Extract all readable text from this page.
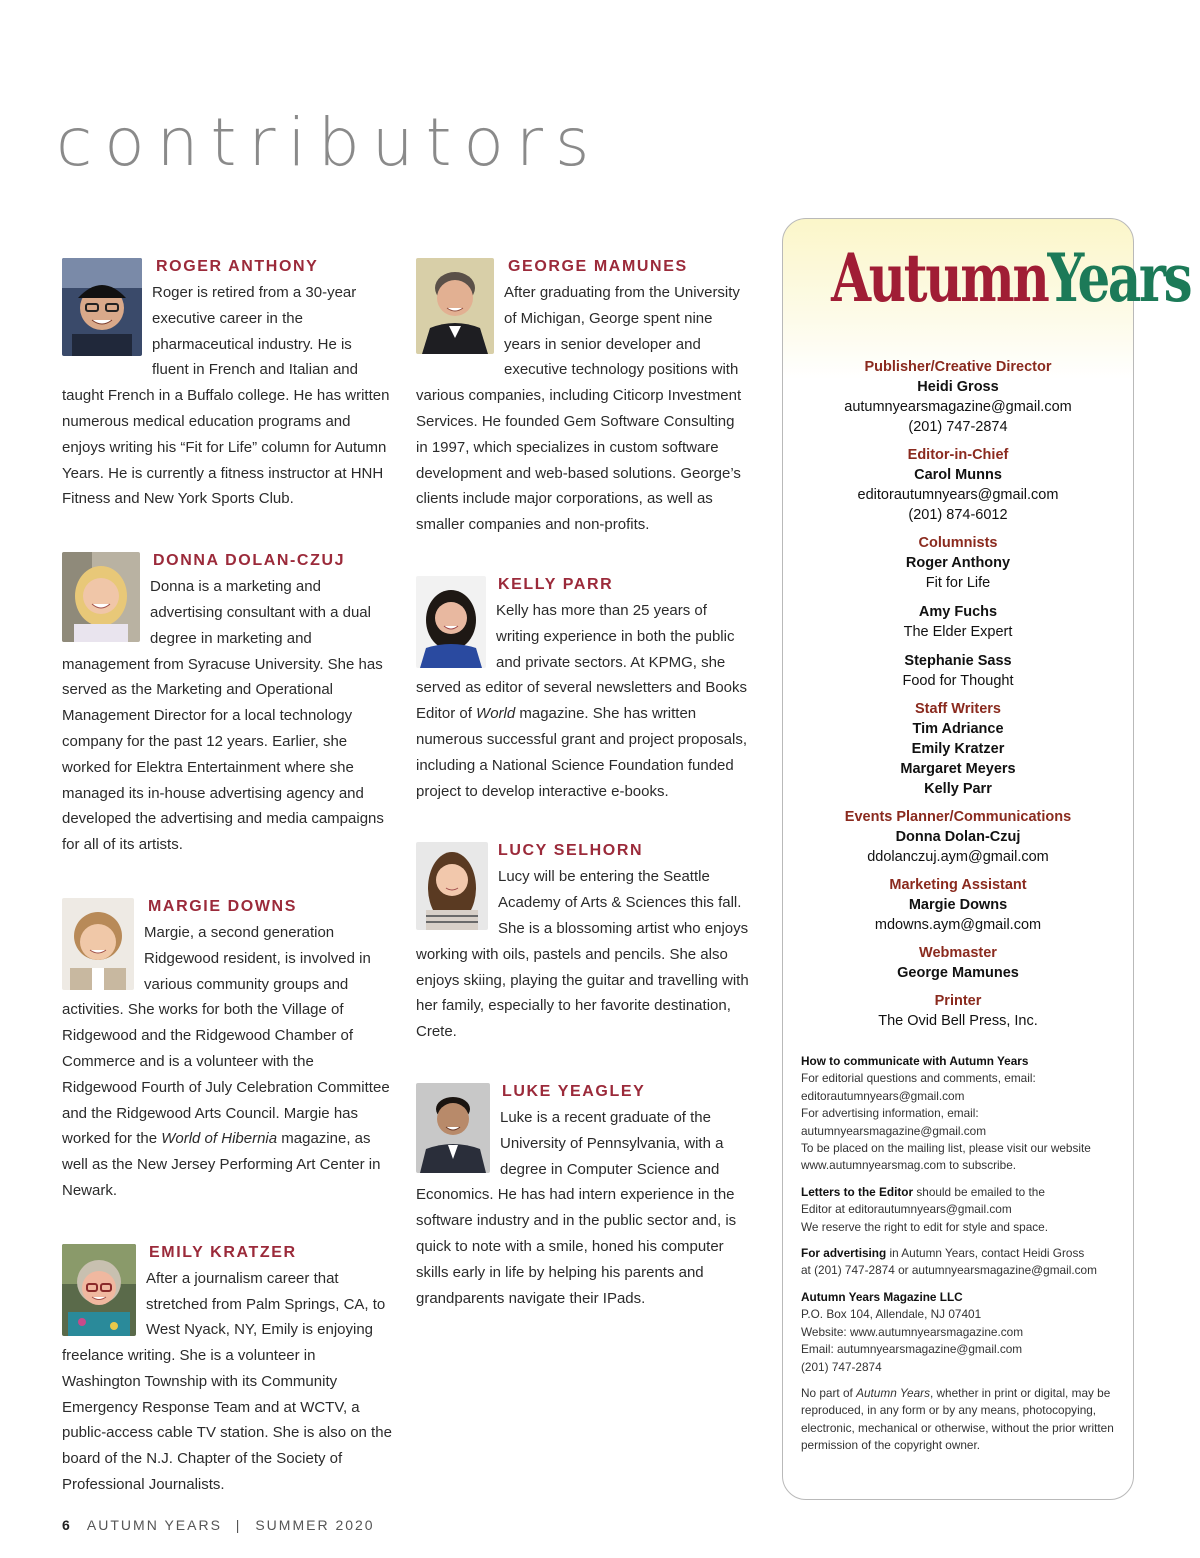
contributors
ROGER ANTHONY

Roger is retired from a 30-year executive career in the pharmaceutical industry. He is fluent in French and Italian and taught French in a Buffalo college. He has written numerous medical education programs and enjoys writing his “Fit for Life” column for Autumn Years. He is currently a fitness instructor at HNH Fitness and New York Sports Club.

DONNA DOLAN-CZUJ

Donna is a marketing and advertising consultant with a dual degree in marketing and management from Syracuse University. She has served as the Marketing and Operational Management Director for a local technology company for the past 12 years. Earlier, she worked for Elektra Entertainment where she managed its in-house advertising agency and developed the advertising and media campaigns for all of its artists.

MARGIE DOWNS

Margie, a second generation Ridgewood resident, is involved in various community groups and activities. She works for both the Village of Ridgewood and the Ridgewood Chamber of Commerce and is a volunteer with the Ridgewood Fourth of July Celebration Committee and the Ridgewood Arts Council. Margie has worked for the World of Hibernia magazine, as well as the New Jersey Performing Art Center in Newark.

EMILY KRATZER

After a journalism career that stretched from Palm Springs, CA, to West Nyack, NY, Emily is enjoying freelance writing. She is a volunteer in Washington Township with its Community Emergency Response Team and at WCTV, a public-access cable TV station. She is also on the board of the N.J. Chapter of the Society of Professional Journalists.

GEORGE MAMUNES

After graduating from the University of Michigan, George spent nine years in senior developer and executive technology positions with various companies, including Citicorp Investment Services. He founded Gem Software Consulting in 1997, which specializes in custom software development and web-based solutions. George’s clients include major corporations, as well as smaller companies and non-profits.

KELLY PARR

Kelly has more than 25 years of writing experience in both the public and private sectors. At KPMG, she served as editor of several newsletters and Books Editor of World magazine. She has written numerous successful grant and project proposals, including a National Science Foundation funded project to develop interactive e-books.

LUCY SELHORN

Lucy will be entering the Seattle Academy of Arts & Sciences this fall. She is a blossoming artist who enjoys working with oils, pastels and pencils. She also enjoys skiing, playing the guitar and travelling with her family, especially to her favorite destination, Crete.

LUKE YEAGLEY

Luke is a recent graduate of the University of Pennsylvania, with a degree in Computer Science and Economics. He has had intern experience in the software industry and in the public sector and, is quick to note with a smile, honed his computer skills early in life by helping his parents and grandparents navigate their IPads.

AutumnYears
Publisher/Creative Director
Heidi Gross
autumnyearsmagazine@gmail.com
(201) 747-2874
Editor-in-Chief
Carol Munns
editorautumnyears@gmail.com
(201) 874-6012
Columnists
Roger Anthony
Fit for Life
Amy Fuchs
The Elder Expert
Stephanie Sass
Food for Thought
Staff Writers
Tim Adriance
Emily Kratzer
Margaret Meyers
Kelly Parr
Events Planner/Communications
Donna Dolan-Czuj
ddolanczuj.aym@gmail.com
Marketing Assistant
Margie Downs
mdowns.aym@gmail.com
Webmaster
George Mamunes
Printer
The Ovid Bell Press, Inc.

How to communicate with Autumn Years
For editorial questions and comments, email:
editorautumnyears@gmail.com
For advertising information, email:
autumnyearsmagazine@gmail.com
To be placed on the mailing list, please visit our website
www.autumnyearsmag.com to subscribe.

Letters to the Editor should be emailed to the
Editor at editorautumnyears@gmail.com
We reserve the right to edit for style and space.

For advertising in Autumn Years, contact Heidi Gross
at (201) 747-2874 or autumnyearsmagazine@gmail.com

Autumn Years Magazine LLC
P.O. Box 104, Allendale, NJ 07401
Website: www.autumnyearsmagazine.com
Email: autumnyearsmagazine@gmail.com
(201) 747-2874

No part of Autumn Years, whether in print or digital, may be reproduced, in any form or by any means, photocopying, electronic, mechanical or otherwise, without the prior written permission of the copyright owner.

6 AUTUMN YEARS | SUMMER 2020
